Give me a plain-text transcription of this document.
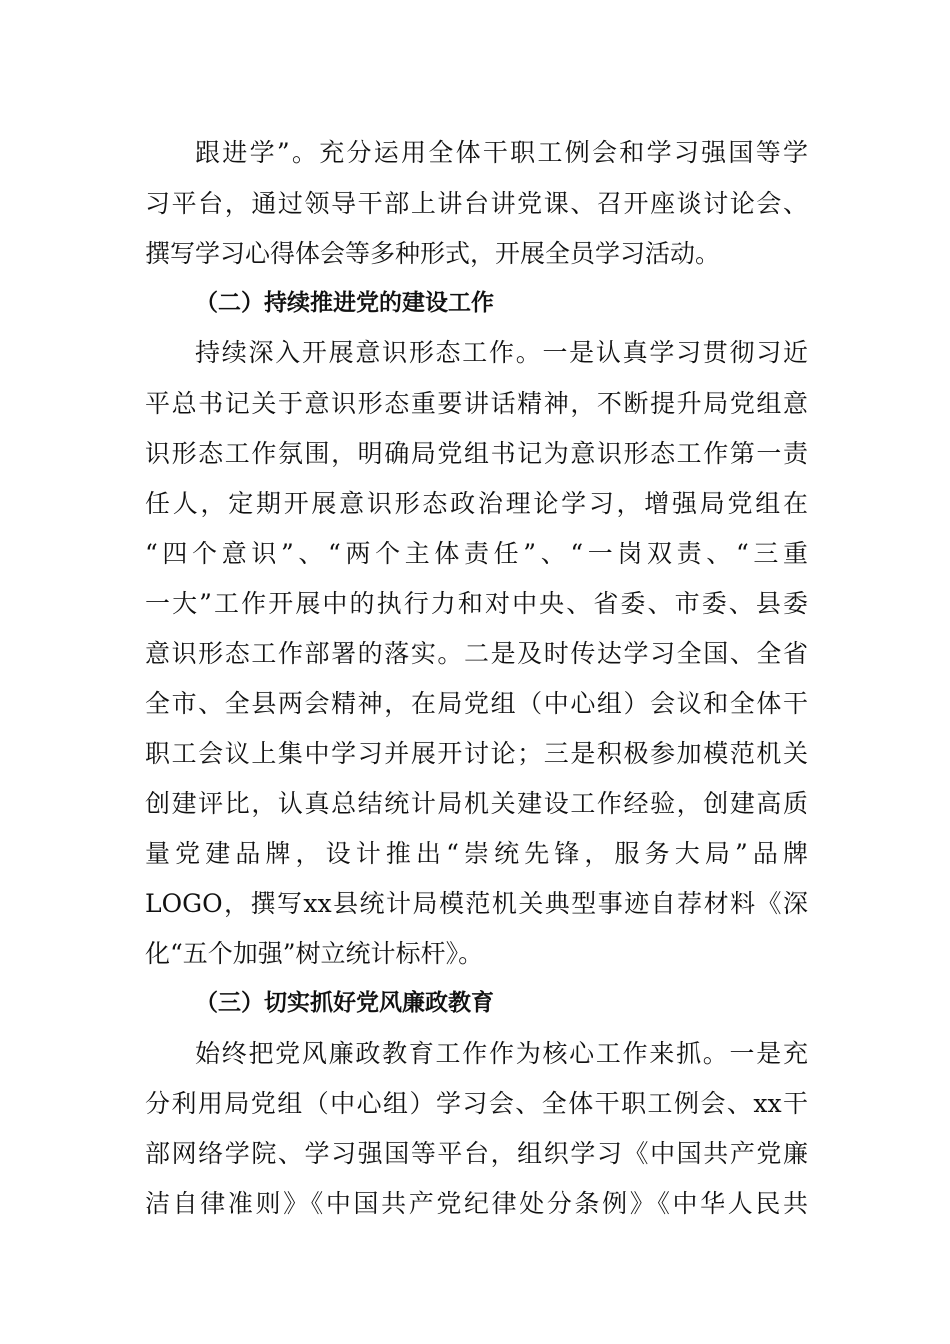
跟进学”。充分运用全体干职工例会和学习强国等学
习平台，通过领导干部上讲台讲党课、召开座谈讨论会、
撰写学习心得体会等多种形式，开展全员学习活动。
（二）持续推进党的建设工作
持续深入开展意识形态工作。一是认真学习贯彻习近
平总书记关于意识形态重要讲话精神，不断提升局党组意
识形态工作氛围，明确局党组书记为意识形态工作第一责
任人，定期开展意识形态政治理论学习，增强局党组在
“四个意识”、“两个主体责任”、“一岗双责、“三重
一大”工作开展中的执行力和对中央、省委、市委、县委
意识形态工作部署的落实。二是及时传达学习全国、全省
全市、全县两会精神，在局党组（中心组）会议和全体干
职工会议上集中学习并展开讨论；三是积极参加模范机关
创建评比，认真总结统计局机关建设工作经验，创建高质
量党建品牌，设计推出“崇统先锋，服务大局”品牌
LOGO，撰写xx县统计局模范机关典型事迹自荐材料《深
化“五个加强”树立统计标杆》。
（三）切实抓好党风廉政教育
始终把党风廉政教育工作作为核心工作来抓。一是充
分利用局党组（中心组）学习会、全体干职工例会、xx干
部网络学院、学习强国等平台，组织学习《中国共产党廉
洁自律准则》《中国共产党纪律处分条例》《中华人民共
